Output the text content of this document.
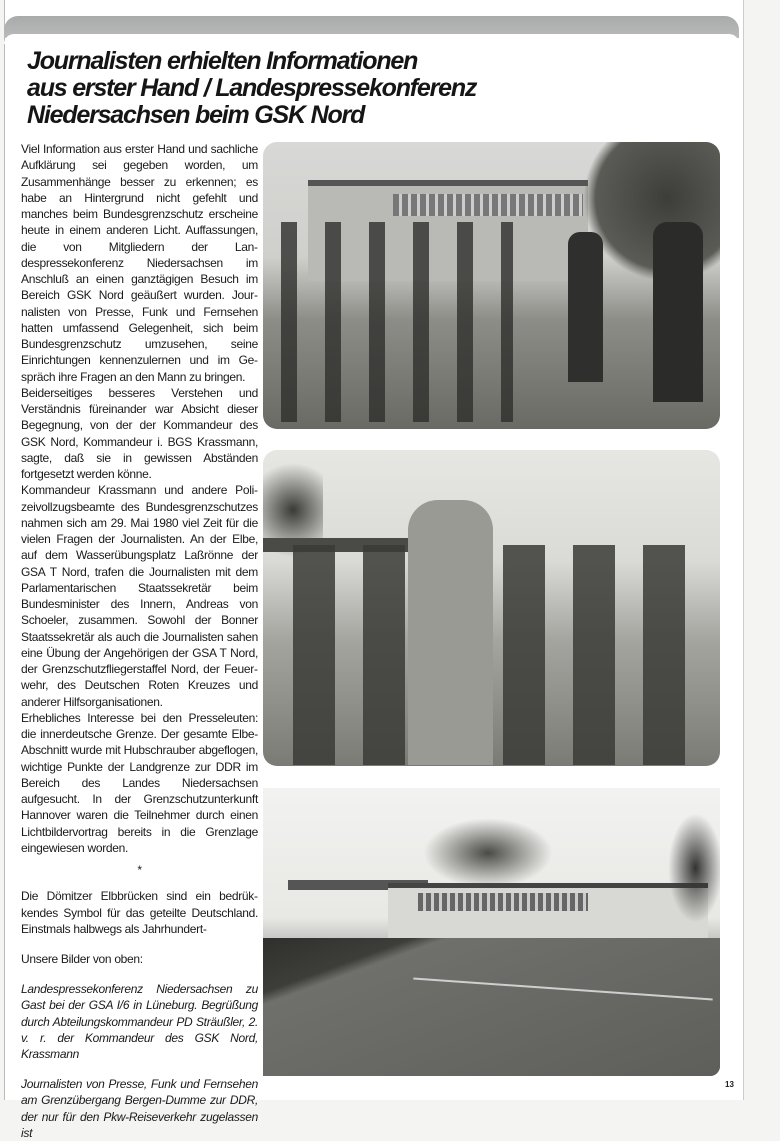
Journalisten erhielten Informationen
aus erster Hand / Landespressekonferenz
Niedersachsen beim GSK Nord

Viel Information aus erster Hand und sachliche Aufklärung sei gegeben worden, um Zusammenhänge besser zu erkennen; es habe an Hintergrund nicht gefehlt und manches beim Bundesgrenzschutz erscheine heute in einem anderen Licht. Auffassungen, die von Mitgliedern der Landespressekonferenz Niedersachsen im Anschluß an einen ganztägigen Besuch im Bereich GSK Nord geäußert wurden. Journalisten von Presse, Funk und Fernsehen hatten umfassend Gelegenheit, sich beim Bundesgrenzschutz umzusehen, seine Einrichtungen kennenzulernen und im Gespräch ihre Fragen an den Mann zu bringen.

Beiderseitiges besseres Verstehen und Verständnis füreinander war Absicht dieser Begegnung, von der der Kommandeur des GSK Nord, Kommandeur i. BGS Krassmann, sagte, daß sie in gewissen Abständen fortgesetzt werden könne.

Kommandeur Krassmann und andere Polizeivollzugsbeamte des Bundesgrenzschutzes nahmen sich am 29. Mai 1980 viel Zeit für die vielen Fragen der Journalisten. An der Elbe, auf dem Wasserübungsplatz Laßrönne der GSA T Nord, trafen die Journalisten mit dem Parlamentarischen Staatssekretär beim Bundesminister des Innern, Andreas von Schoeler, zusammen. Sowohl der Bonner Staatssekretär als auch die Journalisten sahen eine Übung der Angehörigen der GSA T Nord, der Grenzschutzfliegerstaffel Nord, der Feuerwehr, des Deutschen Roten Kreuzes und anderer Hilfsorganisationen.

Erhebliches Interesse bei den Presseleuten: die innerdeutsche Grenze. Der gesamte Elbe-Abschnitt wurde mit Hubschrauber abgeflogen, wichtige Punkte der Landgrenze zur DDR im Bereich des Landes Niedersachsen aufgesucht. In der Grenzschutzunterkunft Hannover waren die Teilnehmer durch einen Lichtbildervortrag bereits in die Grenzlage eingewiesen worden.

*

Die Dömitzer Elbbrücken sind ein bedrükkendes Symbol für das geteilte Deutschland. Einstmals halbwegs als Jahrhundert-

Unsere Bilder von oben:

Landespressekonferenz Niedersachsen zu Gast bei der GSA I/6 in Lüneburg. Begrüßung durch Abteilungskommandeur PD Sträußler, 2. v. r. der Kommandeur des GSK Nord, Krassmann

Journalisten von Presse, Funk und Fernsehen am Grenzübergang Bergen-Dumme zur DDR, der nur für den Pkw-Reiseverkehr zugelassen ist

13
